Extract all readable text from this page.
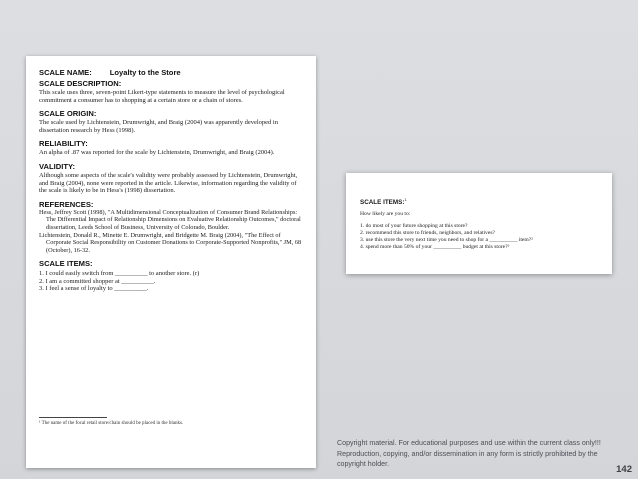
SCALE NAME: Loyalty to the Store

SCALE DESCRIPTION:

This scale uses three, seven-point Likert-type statements to measure the level of psychological commitment a consumer has to shopping at a certain store or a chain of stores.

SCALE ORIGIN:

The scale used by Lichtenstein, Drumwright, and Braig (2004) was apparently developed in dissertation research by Hess (1998).

RELIABILITY:

An alpha of .87 was reported for the scale by Lichtenstein, Drumwright, and Braig (2004).

VALIDITY:

Although some aspects of the scale's validity were probably assessed by Lichtenstein, Drumwright, and Braig (2004), none were reported in the article. Likewise, information regarding the validity of the scale is likely to be in Hess's (1998) dissertation.

REFERENCES:

Hess, Jeffrey Scott (1998), "A Multidimensional Conceptualization of Consumer Brand Relationships: The Differential Impact of Relationship Dimensions on Evaluative Relationship Outcomes," doctoral dissertation, Leeds School of Business, University of Colorado, Boulder.

Lichtenstein, Donald R., Minette E. Drumwright, and Bridgette M. Braig (2004), "The Effect of Corporate Social Responsibility on Customer Donations to Corporate-Supported Nonprofits," JM, 68 (October), 16-32.

SCALE ITEMS:

1. I could easily switch from __________ to another store. (r)
2. I am a committed shopper at __________.
3. I feel a sense of loyalty to __________.
¹ The name of the focal retail store/chain should be placed in the blanks.

SCALE ITEMS:$^1$

How likely are you to:

1. do most of your future shopping at this store?
2. recommend this store to friends, neighbors, and relatives?
3. use this store the very next time you need to shop for a __________ item?²
4. spend more than 50% of your __________ budget at this store?²

Copyright material. For educational purposes and use within the current class only!!! Reproduction, copying, and/or dissemination in any form is strictly prohibited by the copyright holder.	142
